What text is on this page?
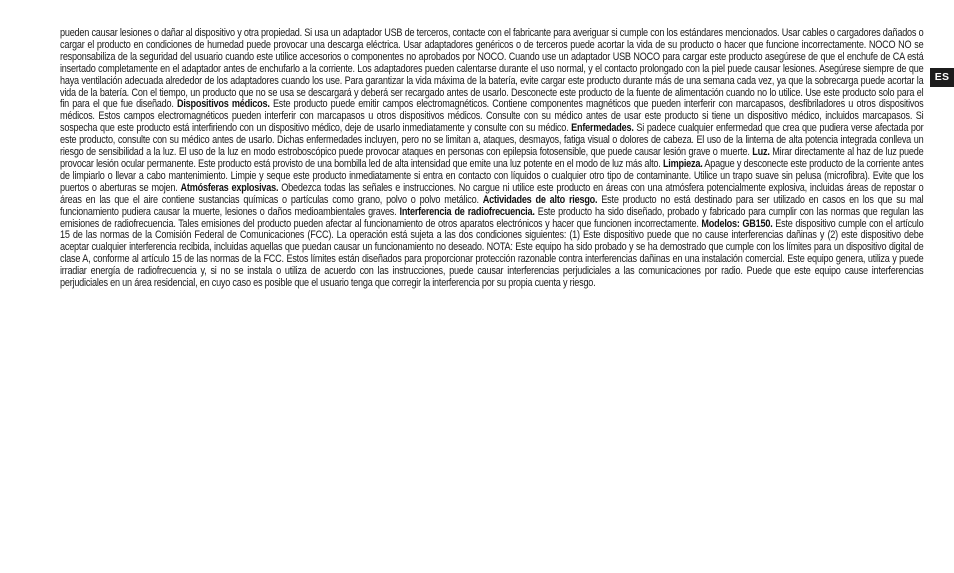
pueden causar lesiones o dañar al dispositivo y otra propiedad. Si usa un adaptador USB de terceros, contacte con el fabricante para averiguar si cumple con los estándares mencionados. Usar cables o cargadores dañados o cargar el producto en condiciones de humedad puede provocar una descarga eléctrica. Usar adaptadores genéricos o de terceros puede acortar la vida de su producto o hacer que funcione incorrectamente. NOCO NO se responsabiliza de la seguridad del usuario cuando este utilice accesorios o componentes no aprobados por NOCO. Cuando use un adaptador USB NOCO para cargar este producto asegúrese de que el enchufe de CA está insertado completamente en el adaptador antes de enchufarlo a la corriente. Los adaptadores pueden calentarse durante el uso normal, y el contacto prolongado con la piel puede causar lesiones. Asegúrese siempre de que haya ventilación adecuada alrededor de los adaptadores cuando los use. Para garantizar la vida máxima de la batería, evite cargar este producto durante más de una semana cada vez, ya que la sobrecarga puede acortar la vida de la batería. Con el tiempo, un producto que no se usa se descargará y deberá ser recargado antes de usarlo. Desconecte este producto de la fuente de alimentación cuando no lo utilice. Use este producto solo para el fin para el que fue diseñado. Dispositivos médicos. Este producto puede emitir campos electromagnéticos. Contiene componentes magnéticos que pueden interferir con marcapasos, desfibriladores u otros dispositivos médicos. Estos campos electromagnéticos pueden interferir con marcapasos u otros dispositivos médicos. Consulte con su médico antes de usar este producto si tiene un dispositivo médico, incluidos marcapasos. Si sospecha que este producto está interfiriendo con un dispositivo médico, deje de usarlo inmediatamente y consulte con su médico. Enfermedades. Si padece cualquier enfermedad que crea que pudiera verse afectada por este producto, consulte con su médico antes de usarlo. Dichas enfermedades incluyen, pero no se limitan a, ataques, desmayos, fatiga visual o dolores de cabeza. El uso de la linterna de alta potencia integrada conlleva un riesgo de sensibilidad a la luz. El uso de la luz en modo estroboscópico puede provocar ataques en personas con epilepsia fotosensible, que puede causar lesión grave o muerte. Luz. Mirar directamente al haz de luz puede provocar lesión ocular permanente. Este producto está provisto de una bombilla led de alta intensidad que emite una luz potente en el modo de luz más alto. Limpieza. Apague y desconecte este producto de la corriente antes de limpiarlo o llevar a cabo mantenimiento. Limpie y seque este producto inmediatamente si entra en contacto con líquidos o cualquier otro tipo de contaminante. Utilice un trapo suave sin pelusa (microfibra). Evite que los puertos o aberturas se mojen. Atmósferas explosivas. Obedezca todas las señales e instrucciones. No cargue ni utilice este producto en áreas con una atmósfera potencialmente explosiva, incluidas áreas de repostar o áreas en las que el aire contiene sustancias químicas o partículas como grano, polvo o polvo metálico. Actividades de alto riesgo. Este producto no está destinado para ser utilizado en casos en los que su mal funcionamiento pudiera causar la muerte, lesiones o daños medioambientales graves. Interferencia de radiofrecuencia. Este producto ha sido diseñado, probado y fabricado para cumplir con las normas que regulan las emisiones de radiofrecuencia. Tales emisiones del producto pueden afectar al funcionamiento de otros aparatos electrónicos y hacer que funcionen incorrectamente. Modelos: GB150. Este dispositivo cumple con el artículo 15 de las normas de la Comisión Federal de Comunicaciones (FCC). La operación está sujeta a las dos condiciones siguientes: (1) Este dispositivo puede que no cause interferencias dañinas y (2) este dispositivo debe aceptar cualquier interferencia recibida, incluidas aquellas que puedan causar un funcionamiento no deseado. NOTA: Este equipo ha sido probado y se ha demostrado que cumple con los límites para un dispositivo digital de clase A, conforme al artículo 15 de las normas de la FCC. Estos límites están diseñados para proporcionar protección razonable contra interferencias dañinas en una instalación comercial. Este equipo genera, utiliza y puede irradiar energía de radiofrecuencia y, si no se instala o utiliza de acuerdo con las instrucciones, puede causar interferencias perjudiciales a las comunicaciones por radio. Puede que este equipo cause interferencias perjudiciales en un área residencial, en cuyo caso es posible que el usuario tenga que corregir la interferencia por su propia cuenta y riesgo.
ES
